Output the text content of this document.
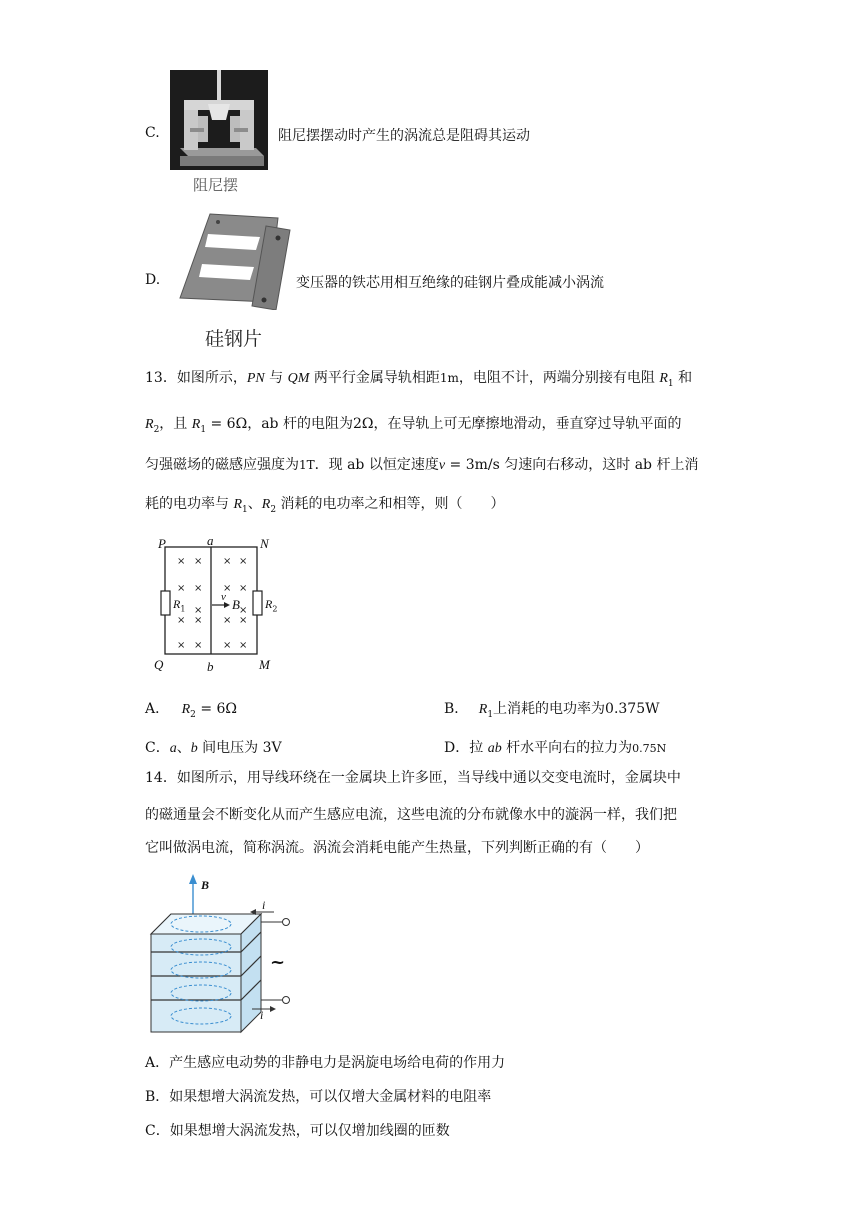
C.
阻尼摆
阻尼摆摆动时产生的涡流总是阻碍其运动
D.
硅钢片
变压器的铁芯用相互绝缘的硅钢片叠成能减小涡流
13．如图所示，PN 与 QM 两平行金属导轨相距1m，电阻不计，两端分别接有电阻 $R_1$ 和
$R_2$，且 $R_1 = 6\Omega$，ab 杆的电阻为2Ω，在导轨上可无摩擦地滑动，垂直穿过导轨平面的
匀强磁场的磁感应强度为1T．现 ab 以恒定速度v = 3m/s 匀速向右移动，这时 ab 杆上消
耗的电功率与 $R_1$、$R_2$ 消耗的电功率之和相等，则（　　）
× × × ×
× × × ×
×	×
× × × ×
× × × ×
P	a	N
Q	b	M
$R_1$	$R_2$
v B
A． $R_2 = 6\Omega$	B． $R_1$上消耗的电功率为0.375W
C．a、b 间电压为 3V	D．拉 ab 杆水平向右的拉力为0.75N
14．如图所示，用导线环绕在一金属块上许多匝，当导线中通以交变电流时，金属块中
的磁通量会不断变化从而产生感应电流，这些电流的分布就像水中的漩涡一样，我们把
它叫做涡电流，简称涡流。涡流会消耗电能产生热量，下列判断正确的有（　　）
B
i
i
~
A．产生感应电动势的非静电力是涡旋电场给电荷的作用力
B．如果想增大涡流发热，可以仅增大金属材料的电阻率
C．如果想增大涡流发热，可以仅增加线圈的匝数
